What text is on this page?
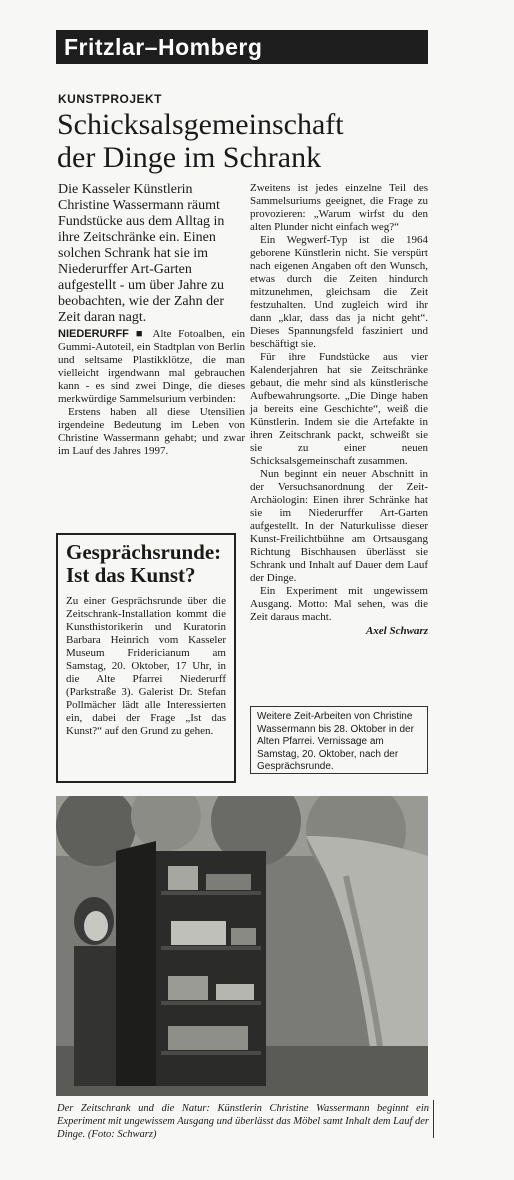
Fritzlar–Homberg
KUNSTPROJEKT
Schicksalsgemeinschaft
der Dinge im Schrank
Die Kasseler Künstlerin Christine Wassermann räumt Fundstücke aus dem Alltag in ihre Zeitschränke ein. Einen solchen Schrank hat sie im Niederurffer Art-Garten aufgestellt - um über Jahre zu beobachten, wie der Zahn der Zeit daran nagt.

NIEDERURFF ■ Alte Fotoalben, ein Gummi-Autoteil, ein Stadtplan von Berlin und seltsame Plastikklötze, die man vielleicht irgendwann mal gebrauchen kann - es sind zwei Dinge, die dieses merkwürdige Sammelsurium verbinden:

Erstens haben all diese Utensilien irgendeine Bedeutung im Leben von Christine Wassermann gehabt; und zwar im Lauf des Jahres 1997.

Zweitens ist jedes einzelne Teil des Sammelsuriums geeignet, die Frage zu provozieren: „Warum wirfst du den alten Plunder nicht einfach weg?“

Ein Wegwerf-Typ ist die 1964 geborene Künstlerin nicht. Sie verspürt nach eigenen Angaben oft den Wunsch, etwas durch die Zeiten hindurch mitzunehmen, gleichsam die Zeit festzuhalten. Und zugleich wird ihr dann „klar, dass das ja nicht geht“. Dieses Spannungsfeld fasziniert und beschäftigt sie.

Für ihre Fundstücke aus vier Kalenderjahren hat sie Zeitschränke gebaut, die mehr sind als künstlerische Aufbewahrungsorte. „Die Dinge haben ja bereits eine Geschichte“, weiß die Künstlerin. Indem sie die Artefakte in ihren Zeitschrank packt, schweißt sie sie zu einer neuen Schicksalsgemeinschaft zusammen.

Nun beginnt ein neuer Abschnitt in der Versuchsanordnung der Zeit-Archäologin: Einen ihrer Schränke hat sie im Niederurffer Art-Garten aufgestellt. In der Naturkulisse dieser Kunst-Freilichtbühne am Ortsausgang Richtung Bischhausen überlässt sie Schrank und Inhalt auf Dauer dem Lauf der Dinge.

Ein Experiment mit ungewissem Ausgang. Motto: Mal sehen, was die Zeit daraus macht.

Axel Schwarz
Gesprächsrunde:
Ist das Kunst?
Zu einer Gesprächsrunde über die Zeitschrank-Installation kommt die Kunsthistorikerin und Kuratorin Barbara Heinrich vom Kasseler Museum Fridericianum am Samstag, 20. Oktober, 17 Uhr, in die Alte Pfarrei Niederurff (Parkstraße 3). Galerist Dr. Stefan Pollmächer lädt alle Interessierten ein, dabei der Frage „Ist das Kunst?“ auf den Grund zu gehen.
Weitere Zeit-Arbeiten von Christine Wassermann bis 28. Oktober in der Alten Pfarrei. Vernissage am Samstag, 20. Oktober, nach der Gesprächsrunde.
Der Zeitschrank und die Natur: Künstlerin Christine Wassermann beginnt ein Experiment mit ungewissem Ausgang und überlässt das Möbel samt Inhalt dem Lauf der Dinge. (Foto: Schwarz)
